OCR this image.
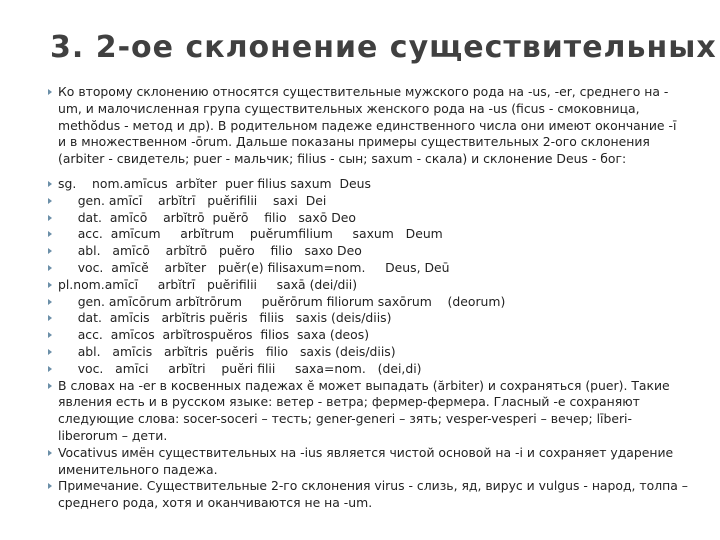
3. 2-ое склонение существительных
Ко второму склонению относятся существительные мужского рода на -us, -er, среднего на -um, и малочисленная група существительных женского рода на -us (ficus - смоковница, methŏdus - метод и др). В родительном падеже единственного числа они имеют окончание -ī и в множественном -ōrum. Дальше показаны примеры существительных 2-ого склонения (arbiter - свидетель; puer - мальчик; filius - сын; saxum - скала) и склонение Deus - бог:
sg.    nom.amīcus  arbĭter  puer filius saxum  Deus
gen. amīcī    arbĭtrī   puĕrifilii    saxi  Dei
dat.  amīcō    arbĭtrō  puĕrō    filio   saxō Deo
acc.  amīcum     arbĭtrum    puĕrumfilium     saxum   Deum
abl.   amīcō    arbĭtrō   puĕro    filio   saxo Deo
voc.  amīcĕ    arbĭter   puĕr(e) filisaxum=nom.     Deus, Deū
pl.nom.amīcī     arbĭtrī   puĕrifilii     saxā (dei/dii)
gen. amīcōrum arbĭtrōrum     puĕrōrum filiorum saxōrum    (deorum)
dat.  amīcis   arbĭtris puĕris   filiis   saxis (deis/diis)
acc.  amīcos  arbĭtrospuĕros  filios  saxa (deos)
abl.   amīcis   arbĭtris  puĕris   filio   saxis (deis/diis)
voc.   amīci     arbĭtri    puĕri filii     saxa=nom.   (dei,di)
В словах на -er в косвенных падежах ĕ может выпадать (ărbiter) и сохраняться (puer). Такие явления есть и в русском языке: ветер - ветра; фермер-фермера. Гласный -е сохраняют следующие слова: socer-soceri – тесть; gener-generi – зять; vesper-vesperi – вечер; līberi-liberorum – дети.
Vocativus имён существительных на -ius является чистой основой на -i и сохраняет ударение именительного падежа.
Примечание. Существительные 2-го склонения virus - слизь, яд, вирус и vulgus - народ, толпа – среднего рода, хотя и оканчиваются не на -um.
